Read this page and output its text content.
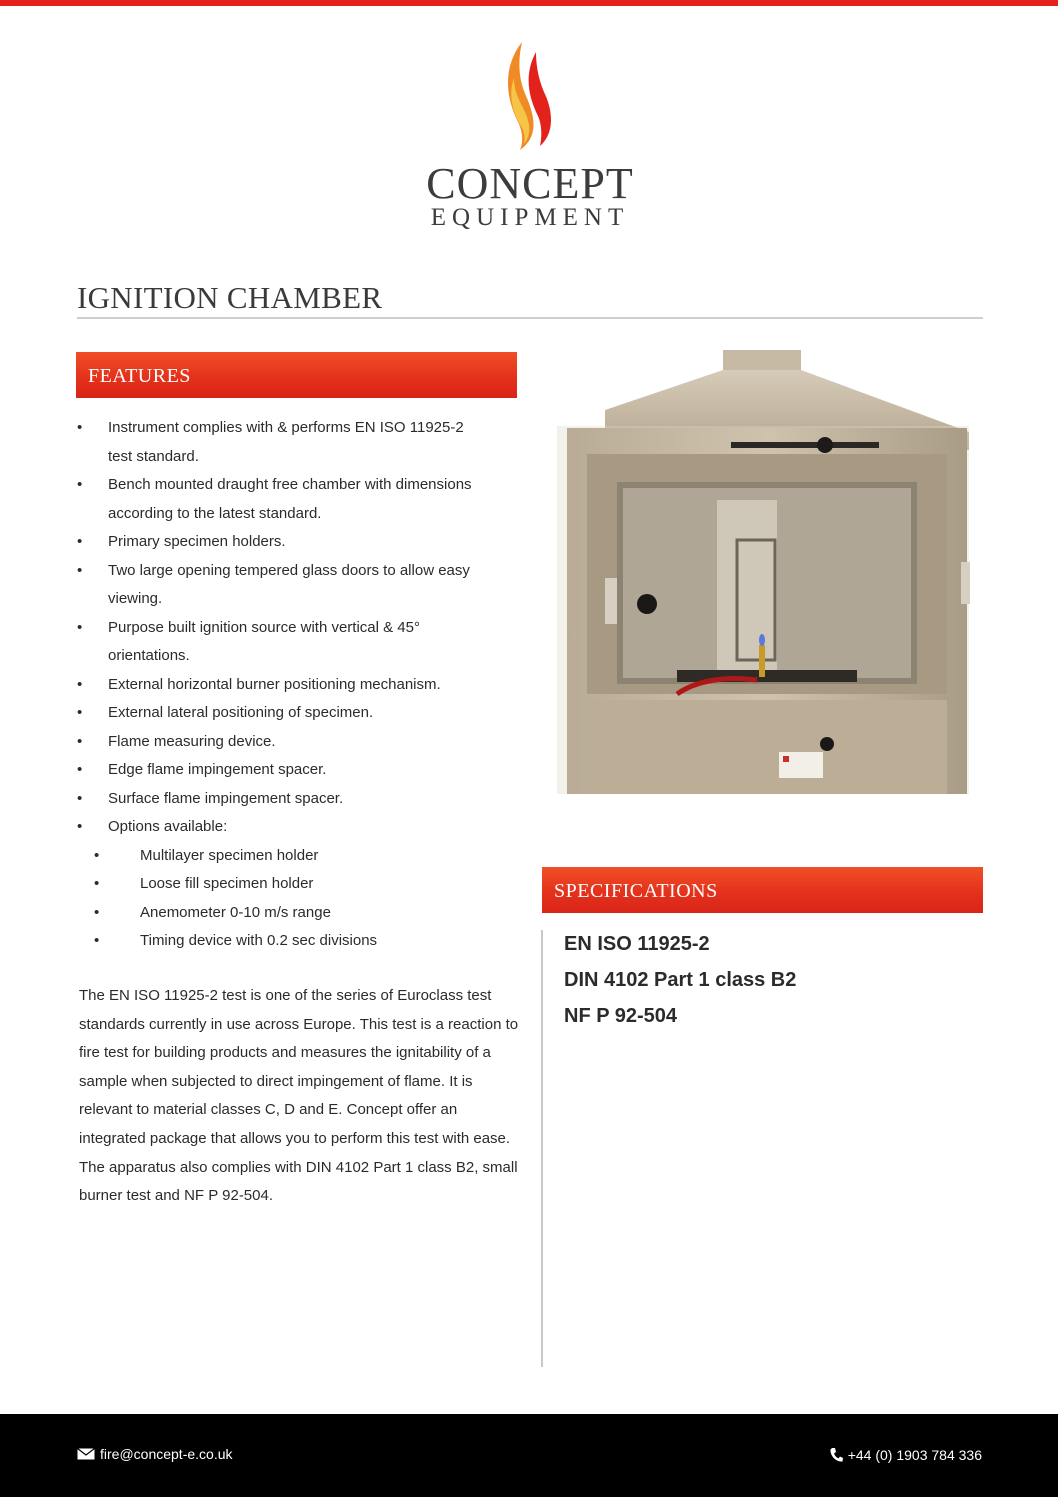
CONCEPT
EQUIPMENT
IGNITION CHAMBER
FEATURES
• Instrument complies with & performs EN ISO 11925-2
test standard.
• Bench mounted draught free chamber with dimensions
according to the latest standard.
• Primary specimen holders.
• Two large opening tempered glass doors to allow easy
viewing.
• Purpose built ignition source with vertical & 45°
orientations.
• External horizontal burner positioning mechanism.
• External lateral positioning of specimen.
• Flame measuring device.
• Edge flame impingement spacer.
• Surface flame impingement spacer.
• Options available:
•	Multilayer specimen holder
•	Loose fill specimen holder
•	Anemometer 0-10 m/s range
•	Timing device with 0.2 sec divisions

The EN ISO 11925-2 test is one of the series of Euroclass test standards currently in use across Europe. This test is a reaction to fire test for building products and measures the ignitability of a sample when subjected to direct impingement of flame. It is relevant to material classes C, D and E. Concept offer an integrated package that allows you to perform this test with ease. The apparatus also complies with DIN 4102 Part 1 class B2, small burner test and NF P 92-504.

SPECIFICATIONS
EN ISO 11925-2
DIN 4102 Part 1 class B2
NF P 92-504
fire@concept-e.co.uk	+44 (0) 1903 784 336
